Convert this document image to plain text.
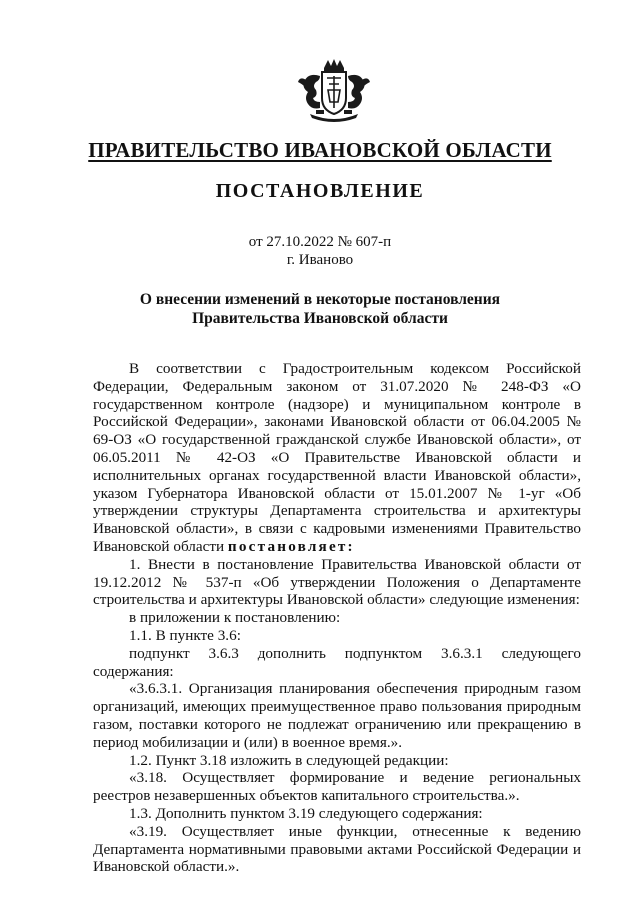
ПРАВИТЕЛЬСТВО ИВАНОВСКОЙ ОБЛАСТИ
ПОСТАНОВЛЕНИЕ
от 27.10.2022 № 607-п
г. Иваново
О внесении изменений в некоторые постановления
Правительства Ивановской области

В соответствии с Градостроительным кодексом Российской Федерации, Федеральным законом от 31.07.2020 № 248-ФЗ «О государственном контроле (надзоре) и муниципальном контроле в Российской Федерации», законами Ивановской области от 06.04.2005 № 69-ОЗ «О государственной гражданской службе Ивановской области», от 06.05.2011 № 42-ОЗ «О Правительстве Ивановской области и исполнительных органах государственной власти Ивановской области», указом Губернатора Ивановской области от 15.01.2007 № 1-уг «Об утверждении структуры Департамента строительства и архитектуры Ивановской области», в связи с кадровыми изменениями Правительство Ивановской области постановляет:

1. Внести в постановление Правительства Ивановской области от 19.12.2012 № 537-п «Об утверждении Положения о Департаменте строительства и архитектуры Ивановской области» следующие изменения:

в приложении к постановлению:

1.1. В пункте 3.6:

подпункт 3.6.3 дополнить подпунктом 3.6.3.1 следующего содержания:

«3.6.3.1. Организация планирования обеспечения природным газом организаций, имеющих преимущественное право пользования природным газом, поставки которого не подлежат ограничению или прекращению в период мобилизации и (или) в военное время.».

1.2. Пункт 3.18 изложить в следующей редакции:

«3.18. Осуществляет формирование и ведение региональных реестров незавершенных объектов капитального строительства.».

1.3. Дополнить пунктом 3.19 следующего содержания:

«3.19. Осуществляет иные функции, отнесенные к ведению Департамента нормативными правовыми актами Российской Федерации и Ивановской области.».
